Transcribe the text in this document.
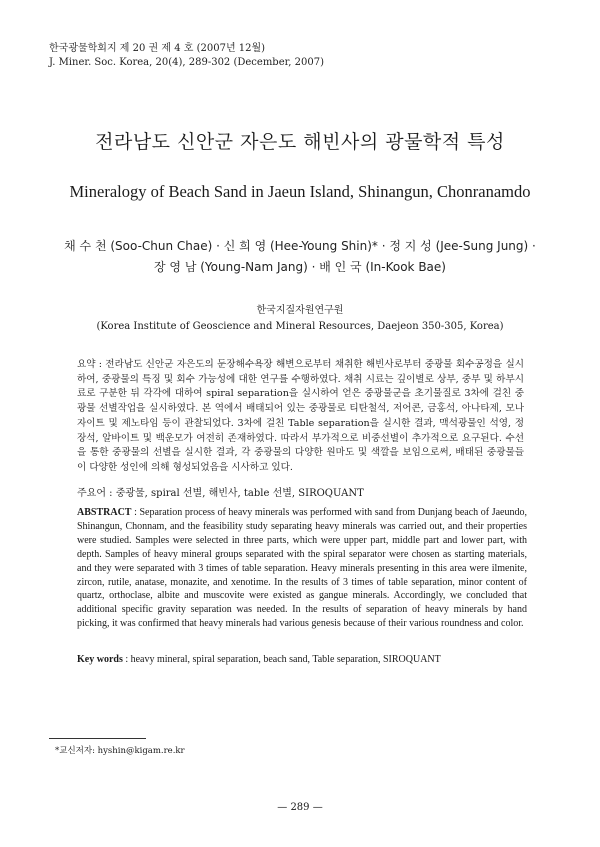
한국광물학회지 제 20 권 제 4 호 (2007년 12월)
J. Miner. Soc. Korea, 20(4), 289-302 (December, 2007)
전라남도 신안군 자은도 해빈사의 광물학적 특성
Mineralogy of Beach Sand in Jaeun Island, Shinangun, Chonranamdo
채 수 천 (Soo-Chun Chae) · 신 희 영 (Hee-Young Shin)* · 정 지 성 (Jee-Sung Jung) ·
장 영 남 (Young-Nam Jang) · 배 인 국 (In-Kook Bae)
한국지질자원연구원
(Korea Institute of Geoscience and Mineral Resources, Daejeon 350-305, Korea)
요약 : 전라남도 신안군 자은도의 둔장해수욕장 해변으로부터 채취한 해빈사로부터 중광물 회수공정을 실시하여, 중광물의 특징 및 회수 가능성에 대한 연구를 수행하였다. 채취 시료는 깊이별로 상부, 중부 및 하부시료로 구분한 뒤 각각에 대하여 spiral separation을 실시하여 얻은 중광물군을 초기물질로 3차에 걸친 중광물 선별작업을 실시하였다. 본 역에서 배태되어 있는 중광물로 티탄철석, 저어콘, 금홍석, 아나타제, 모나자이트 및 제노타임 등이 관찰되었다. 3차에 걸친 Table separation을 실시한 결과, 맥석광물인 석영, 정장석, 알바이트 및 백운모가 여전히 존재하였다. 따라서 부가적으로 비중선별이 추가적으로 요구된다. 수선을 통한 중광물의 선별을 실시한 결과, 각 중광물의 다양한 원마도 및 색깔을 보임으로써, 배태된 중광물들이 다양한 성인에 의해 형성되었음을 시사하고 있다.
주요어 : 중광물, spiral 선별, 해빈사, table 선별, SIROQUANT
ABSTRACT : Separation process of heavy minerals was performed with sand from Dunjang beach of Jaeundo, Shinangun, Chonnam, and the feasibility study separating heavy minerals was carried out, and their properties were studied. Samples were selected in three parts, which were upper part, middle part and lower part, with depth. Samples of heavy mineral groups separated with the spiral separator were chosen as starting materials, and they were separated with 3 times of table separation. Heavy minerals presenting in this area were ilmenite, zircon, rutile, anatase, monazite, and xenotime. In the results of 3 times of table separation, minor content of quartz, orthoclase, albite and muscovite were existed as gangue minerals. Accordingly, we concluded that additional specific gravity separation was needed. In the results of separation of heavy minerals by hand picking, it was confirmed that heavy minerals had various genesis because of their various roundness and color.
Key words : heavy mineral, spiral separation, beach sand, Table separation, SIROQUANT
*교신저자: hyshin@kigam.re.kr
— 289 —
